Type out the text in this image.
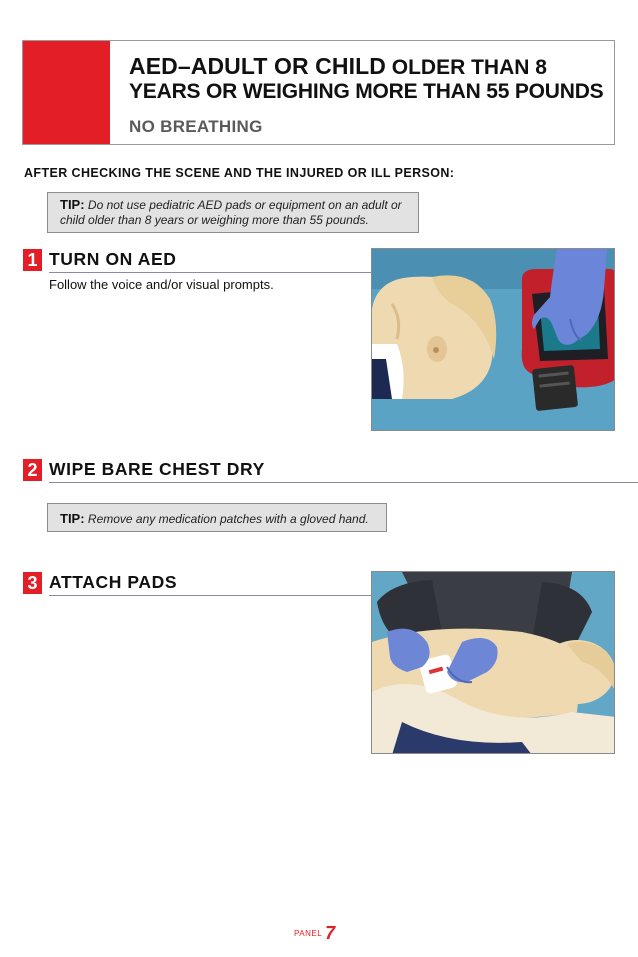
AED–ADULT OR CHILD OLDER THAN 8
YEARS OR WEIGHING MORE THAN 55 POUNDS
NO BREATHING
AFTER CHECKING THE SCENE AND THE INJURED OR ILL PERSON:
TIP: Do not use pediatric AED pads or equipment on an adult or child older than 8 years or weighing more than 55 pounds.
1 TURN ON AED
Follow the voice and/or visual prompts.
2 WIPE BARE CHEST DRY
TIP: Remove any medication patches with a gloved hand.
3 ATTACH PADS
PANEL 7
